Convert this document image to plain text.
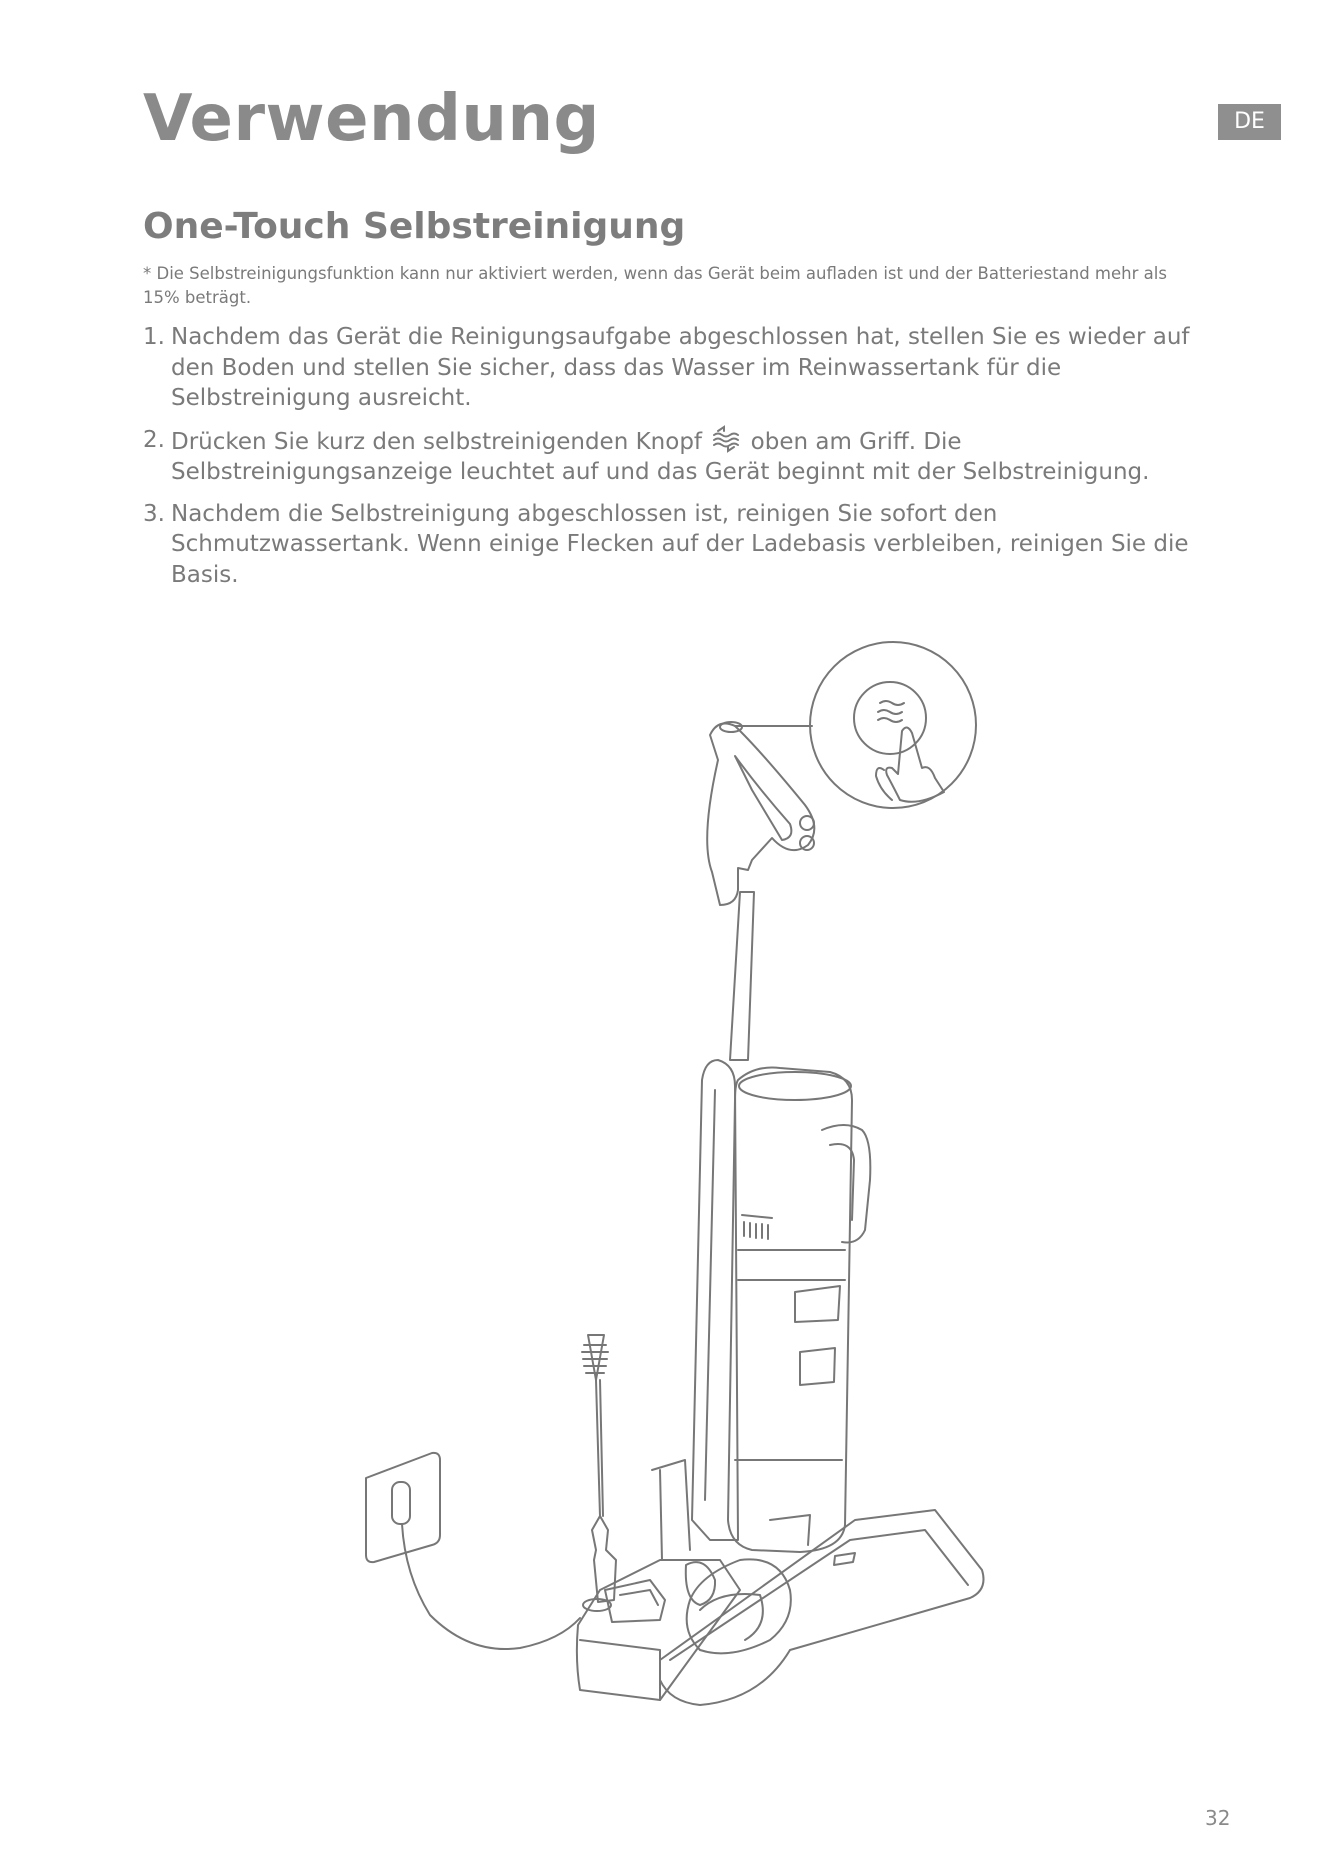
Verwendung	DE
One-Touch Selbstreinigung
* Die Selbstreinigungsfunktion kann nur aktiviert werden, wenn das Gerät beim aufladen ist und der Batteriestand mehr als 15% beträgt.
1. Nachdem das Gerät die Reinigungsaufgabe abgeschlossen hat, stellen Sie es wieder auf den Boden und stellen Sie sicher, dass das Wasser im Reinwassertank für die Selbstreinigung ausreicht.
2. Drücken Sie kurz den selbstreinigenden Knopf oben am Griff. Die Selbstreinigungsanzeige leuchtet auf und das Gerät beginnt mit der Selbstreinigung.
3. Nachdem die Selbstreinigung abgeschlossen ist, reinigen Sie sofort den Schmutzwassertank. Wenn einige Flecken auf der Ladebasis verbleiben, reinigen Sie die Basis.
32
